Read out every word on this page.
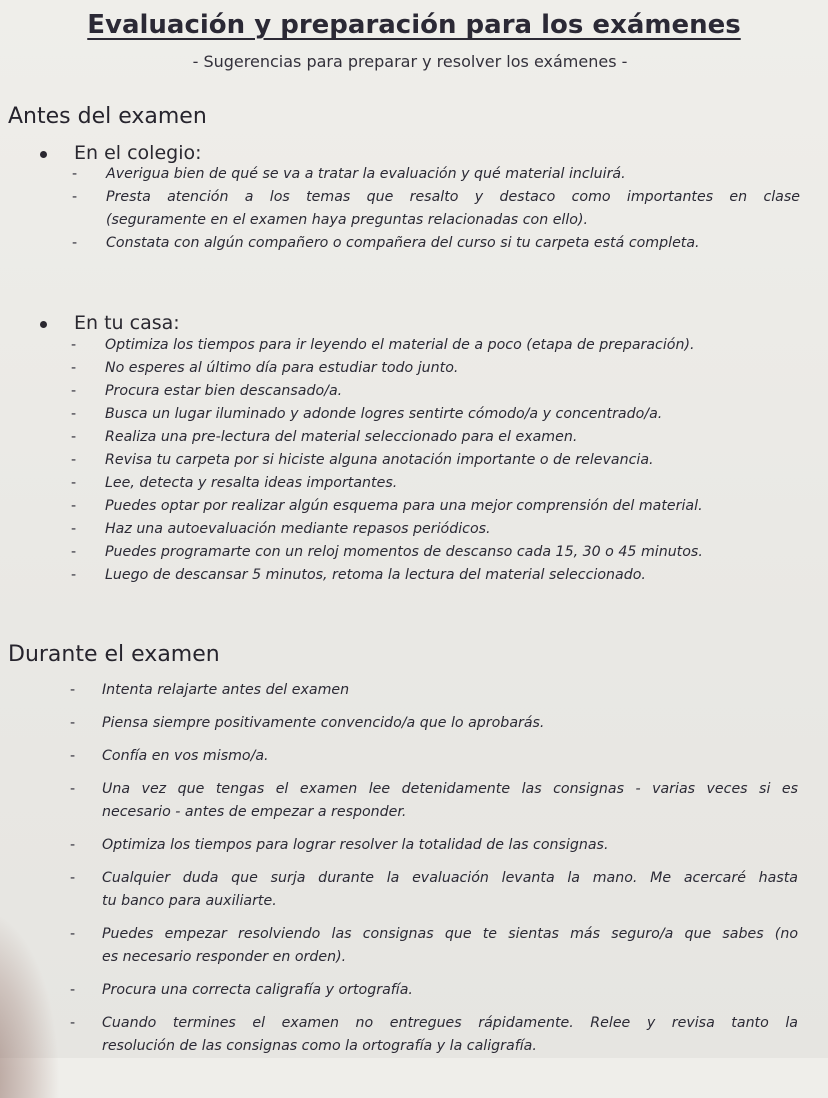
Evaluación y preparación para los exámenes

- Sugerencias para preparar y resolver los exámenes -

Antes del examen
En el colegio:
- Averigua bien de qué se va a tratar la evaluación y qué material incluirá.
- Presta atención a los temas que resalto y destaco como importantes en clase
(seguramente en el examen haya preguntas relacionadas con ello).
- Constata con algún compañero o compañera del curso si tu carpeta está completa.
En tu casa:
- Optimiza los tiempos para ir leyendo el material de a poco (etapa de preparación).
- No esperes al último día para estudiar todo junto.
- Procura estar bien descansado/a.
- Busca un lugar iluminado y adonde logres sentirte cómodo/a y concentrado/a.
- Realiza una pre-lectura del material seleccionado para el examen.
- Revisa tu carpeta por si hiciste alguna anotación importante o de relevancia.
- Lee, detecta y resalta ideas importantes.
- Puedes optar por realizar algún esquema para una mejor comprensión del material.
- Haz una autoevaluación mediante repasos periódicos.
- Puedes programarte con un reloj momentos de descanso cada 15, 30 o 45 minutos.
- Luego de descansar 5 minutos, retoma la lectura del material seleccionado.
Durante el examen
- Intenta relajarte antes del examen
- Piensa siempre positivamente convencido/a que lo aprobarás.
- Confía en vos mismo/a.
- Una vez que tengas el examen lee detenidamente las consignas - varias veces si es
necesario - antes de empezar a responder.
- Optimiza los tiempos para lograr resolver la totalidad de las consignas.
- Cualquier duda que surja durante la evaluación levanta la mano. Me acercaré hasta
tu banco para auxiliarte.
- Puedes empezar resolviendo las consignas que te sientas más seguro/a que sabes (no
es necesario responder en orden).
- Procura una correcta caligrafía y ortografía.
- Cuando termines el examen no entregues rápidamente. Relee y revisa tanto la
resolución de las consignas como la ortografía y la caligrafía.
